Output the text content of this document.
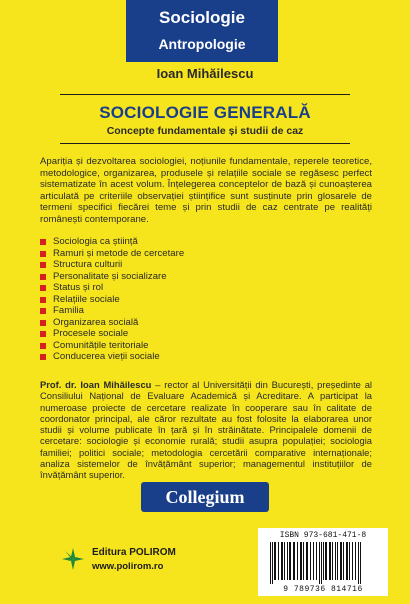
Sociologie
Antropologie
Ioan Mihăilescu
SOCIOLOGIE GENERALĂ
Concepte fundamentale și studii de caz

Apariția și dezvoltarea sociologiei, noțiunile fundamentale, reperele teoretice, metodologice, organizarea, produsele și relațiile sociale se regăsesc perfect sistematizate în acest volum. Înțelegerea conceptelor de bază și cunoașterea articulată pe criteriile observației științifice sunt susținute prin glosarele de termeni specifici fiecărei teme și prin studii de caz centrate pe realități românești contemporane.

Sociologia ca știință
Ramuri și metode de cercetare
Structura culturii
Personalitate și socializare
Status și rol
Relațiile sociale
Familia
Organizarea socială
Procesele sociale
Comunitățile teritoriale
Conducerea vieții sociale

Prof. dr. Ioan Mihăilescu – rector al Universității din București, președinte al Consiliului Național de Evaluare Academică și Acreditare. A participat la numeroase proiecte de cercetare realizate în cooperare sau în calitate de coordonator principal, ale căror rezultate au fost folosite la elaborarea unor studii și volume publicate în țară și în străinătate. Principalele domenii de cercetare: sociologie și economie rurală; studii asupra populației; sociologia familiei; politici sociale; metodologia cercetării comparative internaționale; analiza sistemelor de învățământ superior; managementul instituțiilor de învățământ superior.

Collegium
Editura POLIROM
www.polirom.ro
ISBN 973-681-471-8
9 789736 814716
